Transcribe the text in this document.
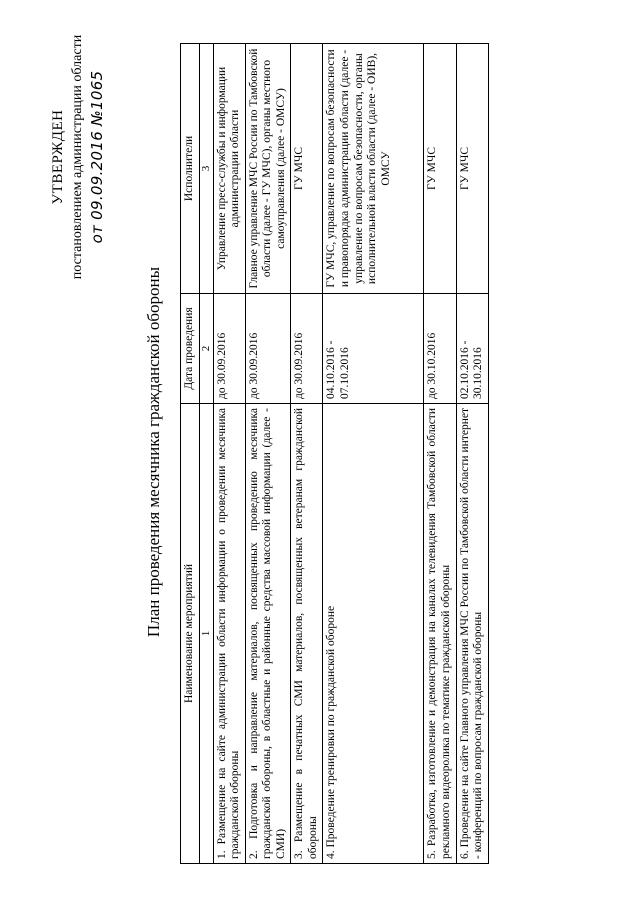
УТВЕРЖДЕН постановлением администрации области от 09.09.2016 №1065
План проведения месячника гражданской обороны Наименование мероприятий	Дата проведения	Исполнители
1	2	3
1. Размещение на сайте администрации области информации о проведении месячника гражданской обороны	до 30.09.2016	Управление пресс-службы и информации администрации области
2. Подготовка и направление материалов, посвященных проведению месячника гражданской обороны, в областные и районные средства массовой информации (далее - СМИ)	до 30.09.2016	Главное управление МЧС России по Тамбовской области (далее - ГУ МЧС), органы местного самоуправления (далее - ОМСУ)
3. Размещение в печатных СМИ материалов, посвященных ветеранам гражданской обороны	до 30.09.2016	ГУ МЧС
4. Проведение тренировки по гражданской обороне	04.10.2016 - 07.10.2016	ГУ МЧС, управление по вопросам безопасности и правопорядка администрации области (далее - управление по вопросам безопасности, органы исполнительной власти области (далее - ОИВ), ОМСУ
5. Разработка, изготовление и демонстрация на каналах телевидения Тамбовской области рекламного видеоролика по тематике гражданской обороны	до 30.10.2016	ГУ МЧС
6. Проведение на сайте Главного управления МЧС России по Тамбовской области интернет - конференций по вопросам гражданской обороны	02.10.2016 - 30.10.2016	ГУ МЧС
